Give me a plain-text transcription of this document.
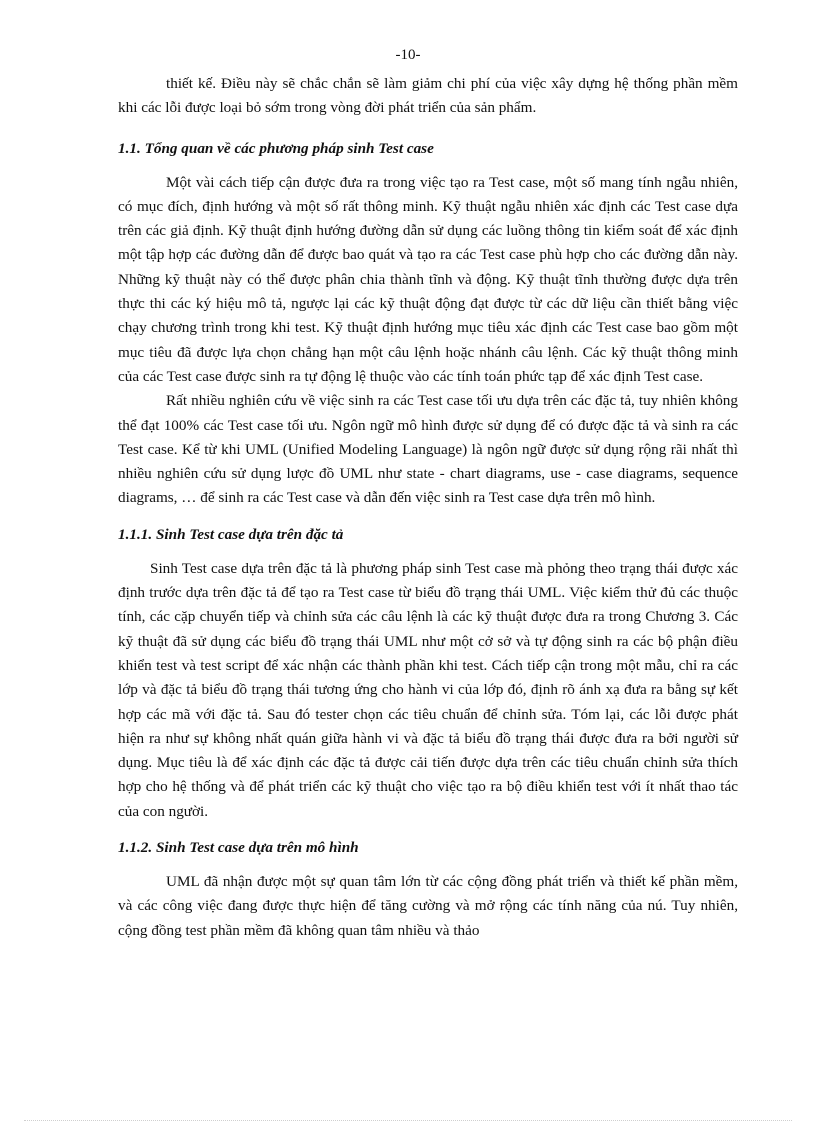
-10-

thiết kế. Điều này sẽ chắc chắn sẽ làm giảm chi phí của việc xây dựng hệ thống phần mềm khi các lỗi được loại bỏ sớm trong vòng đời phát triển của sản phẩm.

1.1. Tổng quan về các phương pháp sinh Test case

Một vài cách tiếp cận được đưa ra trong việc tạo ra Test case, một số mang tính ngẫu nhiên, có mục đích, định hướng và một số rất thông minh. Kỹ thuật ngẫu nhiên xác định các Test case dựa trên các giả định. Kỹ thuật định hướng đường dẫn sử dụng các luồng thông tin kiểm soát để xác định một tập hợp các đường dẫn để được bao quát và tạo ra các Test case phù hợp cho các đường dẫn này. Những kỹ thuật này có thể được phân chia thành tĩnh và động. Kỹ thuật tĩnh thường được dựa trên thực thi các ký hiệu mô tả, ngược lại các kỹ thuật động đạt được từ các dữ liệu cần thiết bằng việc chạy chương trình trong khi test. Kỹ thuật định hướng mục tiêu xác định các Test case bao gồm một mục tiêu đã được lựa chọn chẳng hạn một câu lệnh hoặc nhánh câu lệnh. Các kỹ thuật thông minh của các Test case được sinh ra tự động lệ thuộc vào các tính toán phức tạp để xác định Test case.

Rất nhiều nghiên cứu về việc sinh ra các Test case tối ưu dựa trên các đặc tả, tuy nhiên không thể đạt 100% các Test case tối ưu. Ngôn ngữ mô hình được sử dụng để có được đặc tả và sinh ra các Test case. Kể từ khi UML (Unified Modeling Language) là ngôn ngữ được sử dụng rộng rãi nhất thì nhiều nghiên cứu sử dụng lược đồ UML như state - chart diagrams, use - case diagrams, sequence diagrams, … để sinh ra các Test case và dẫn đến việc sinh ra Test case dựa trên mô hình.

1.1.1. Sinh Test case dựa trên đặc tả

Sinh Test case dựa trên đặc tả là phương pháp sinh Test case mà phỏng theo trạng thái được xác định trước dựa trên đặc tả để tạo ra Test case từ biểu đồ trạng thái UML. Việc kiểm thử đủ các thuộc tính, các cặp chuyển tiếp và chỉnh sửa các câu lệnh là các kỹ thuật được đưa ra trong Chương 3. Các kỹ thuật đã sử dụng các biểu đồ trạng thái UML như một cở sở và tự động sinh ra các bộ phận điều khiển test và test script để xác nhận các thành phần khi test. Cách tiếp cận trong một mẫu, chỉ ra các lớp và đặc tả biểu đồ trạng thái tương ứng cho hành vi của lớp đó, định rõ ánh xạ đưa ra bằng sự kết hợp các mã với đặc tả. Sau đó tester chọn các tiêu chuẩn để chỉnh sửa. Tóm lại, các lỗi được phát hiện ra như sự không nhất quán giữa hành vi và đặc tả biểu đồ trạng thái được đưa ra bởi người sử dụng. Mục tiêu là để xác định các đặc tả được cải tiến được dựa trên các tiêu chuẩn chỉnh sửa thích hợp cho hệ thống và để phát triển các kỹ thuật cho việc tạo ra bộ điều khiển test với ít nhất thao tác của con người.

1.1.2. Sinh Test case dựa trên mô hình

UML đã nhận được một sự quan tâm lớn từ các cộng đồng phát triển và thiết kế phần mềm, và các công việc đang được thực hiện để tăng cường và mở rộng các tính năng của nú. Tuy nhiên, cộng đồng test phần mềm đã không quan tâm nhiều và thảo
